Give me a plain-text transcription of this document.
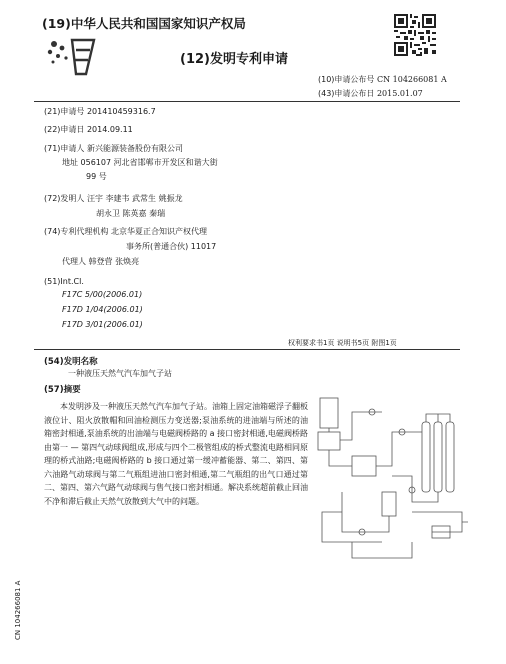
(19)中华人民共和国国家知识产权局
(12)发明专利申请
(10)申请公布号 CN 104266081 A
(43)申请公布日 2015.01.07
(21)申请号 201410459316.7
(22)申请日 2014.09.11
(71)申请人 新兴能源装备股份有限公司
地址 056107 河北省邯郸市开发区和谐大街
99 号
(72)发明人 汪宇 李建韦 武常生 姚振龙
胡永卫 陈英嘉 秦瑞
(74)专利代理机构 北京华夏正合知识产权代理
事务所(普通合伙) 11017
代理人 韩登营 张焕亮
(51)Int.Cl.
F17C 5/00(2006.01)
F17D 1/04(2006.01)
F17D 3/01(2006.01)
权利要求书1页 说明书5页 附图1页
(54)发明名称
一种液压天然气汽车加气子站
(57)摘要

本发明涉及一种液压天然气汽车加气子站。油箱上固定油箱磁浮子翻板液位计、阻火放散帽和回油检测压力变送器;泵油系统的进油端与所述的油箱密封相通,泵油系统的出油端与电磁阀桥路的 a 接口密封相通,电磁阀桥路由第一 — 第四气动球阀组成,形成与四个二极管组成的桥式整流电路相同原理的桥式油路;电磁阀桥路的 b 接口通过第一缓冲蓄能器、第二、第四、第六油路气动球阀与第二气瓶组进油口密封相通,第二气瓶组的出气口通过第二、第四、第六气路气动球阀与售气接口密封相通。解决系统超前截止回油不净和滞后截止天然气放散到大气中的问题。

CN 104266081 A
